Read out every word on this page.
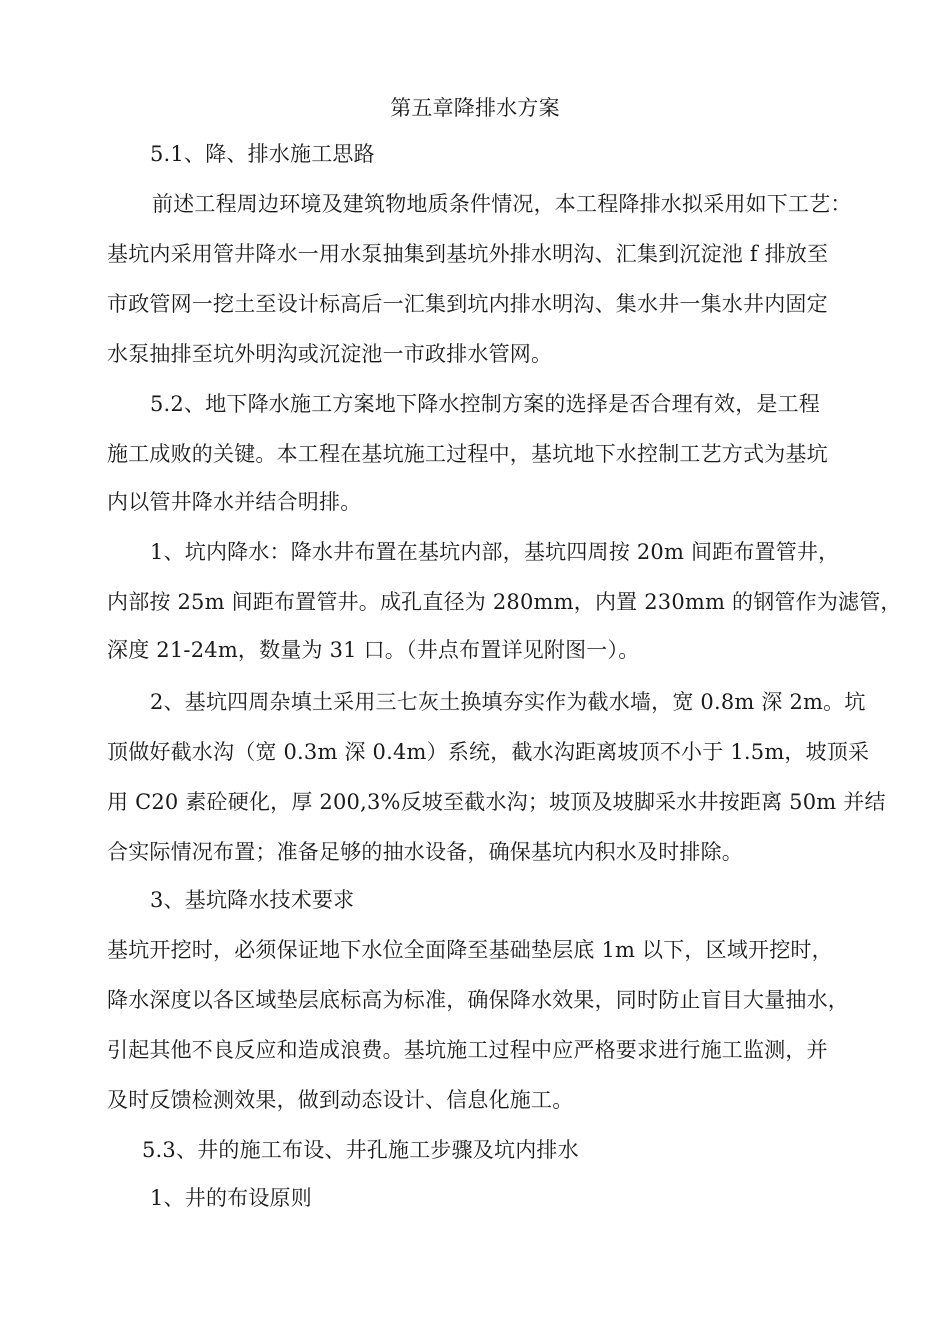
第五章降排水方案
5.1、降、排水施工思路
前述工程周边环境及建筑物地质条件情况，本工程降排水拟采用如下工艺：
基坑内采用管井降水一用水泵抽集到基坑外排水明沟、汇集到沉淀池 f 排放至
市政管网一挖土至设计标高后一汇集到坑内排水明沟、集水井一集水井内固定
水泵抽排至坑外明沟或沉淀池一市政排水管网。
5.2、地下降水施工方案地下降水控制方案的选择是否合理有效，是工程
施工成败的关键。本工程在基坑施工过程中，基坑地下水控制工艺方式为基坑
内以管井降水并结合明排。
1、坑内降水：降水井布置在基坑内部，基坑四周按 20m 间距布置管井，
内部按 25m 间距布置管井。成孔直径为 280mm，内置 230mm 的钢管作为滤管，
深度 21-24m，数量为 31 口。（井点布置详见附图一）。
2、基坑四周杂填土采用三七灰土换填夯实作为截水墙，宽 0.8m 深 2m。坑
顶做好截水沟（宽 0.3m 深 0.4m）系统，截水沟距离坡顶不小于 1.5m，坡顶采
用 C20 素砼硬化，厚 200,3%反坡至截水沟；坡顶及坡脚采水井按距离 50m 并结
合实际情况布置；准备足够的抽水设备，确保基坑内积水及时排除。
3、基坑降水技术要求
基坑开挖时，必须保证地下水位全面降至基础垫层底 1m 以下，区域开挖时，
降水深度以各区域垫层底标高为标准，确保降水效果，同时防止盲目大量抽水，
引起其他不良反应和造成浪费。基坑施工过程中应严格要求进行施工监测，并
及时反馈检测效果，做到动态设计、信息化施工。
5.3、井的施工布设、井孔施工步骤及坑内排水
1、井的布设原则
